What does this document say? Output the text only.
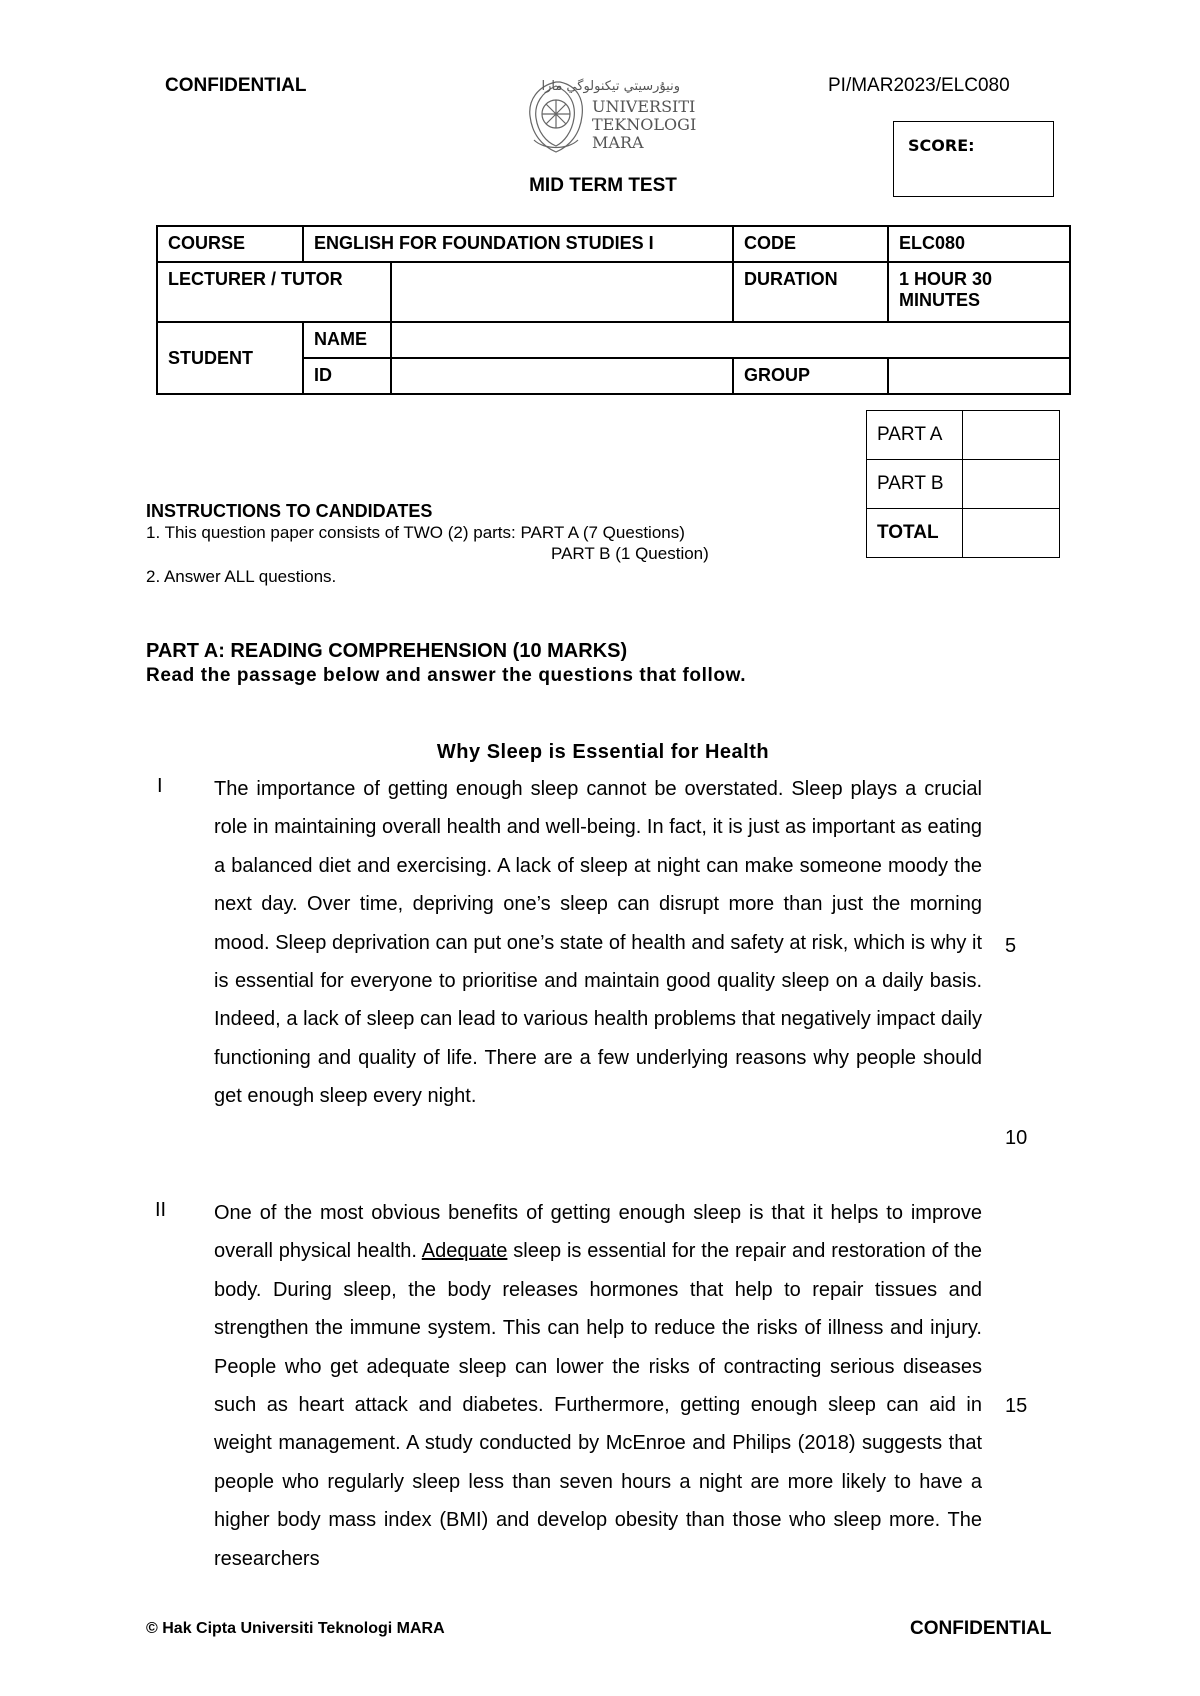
CONFIDENTIAL	PI/MAR2023/ELC080
ﻭﻧﻴﯘﺭﺳﻴﺘﻲ ﺗﻴﻜﻨﻮﻟﻮﮔﻲ ﻣﺎﺭﺍ
UNIVERSITI
TEKNOLOGI
MARA	SCORE:
MID TERM TEST
COURSE	ENGLISH FOR FOUNDATION STUDIES I		CODE	ELC080
LECTURER / TUTOR			DURATION	1 HOUR 30 MINUTES
STUDENT	NAME			
	ID		GROUP	
PART A	
PART B	
TOTAL	
INSTRUCTIONS TO CANDIDATES
1. This question paper consists of TWO (2) parts: PART A (7 Questions)
PART B (1 Question)
2. Answer ALL questions.
PART A: READING COMPREHENSION (10 MARKS)
Read the passage below and answer the questions that follow.
Why Sleep is Essential for Health
I	The importance of getting enough sleep cannot be overstated. Sleep plays a crucial role in maintaining overall health and well-being. In fact, it is just as important as eating a balanced diet and exercising. A lack of sleep at night can make someone moody the next day. Over time, depriving one’s sleep can disrupt more than just the morning mood. Sleep deprivation can put one’s state of health and safety at risk, which is why it is essential for everyone to prioritise and maintain good quality sleep on a daily basis. Indeed, a lack of sleep can lead to various health problems that negatively impact daily functioning and quality of life. There are a few underlying reasons why people should get enough sleep every night.
II One of the most obvious benefits of getting enough sleep is that it helps to improve overall physical health. Adequate sleep is essential for the repair and restoration of the body. During sleep, the body releases hormones that help to repair tissues and strengthen the immune system. This can help to reduce the risks of illness and injury. People who get adequate sleep can lower the risks of contracting serious diseases such as heart attack and diabetes. Furthermore, getting enough sleep can aid in weight management. A study conducted by McEnroe and Philips (2018) suggests that people who regularly sleep less than seven hours a night are more likely to have a higher body mass index (BMI) and develop obesity than those who sleep more. The researchers
5
10
15
© Hak Cipta Universiti Teknologi MARA	CONFIDENTIAL
